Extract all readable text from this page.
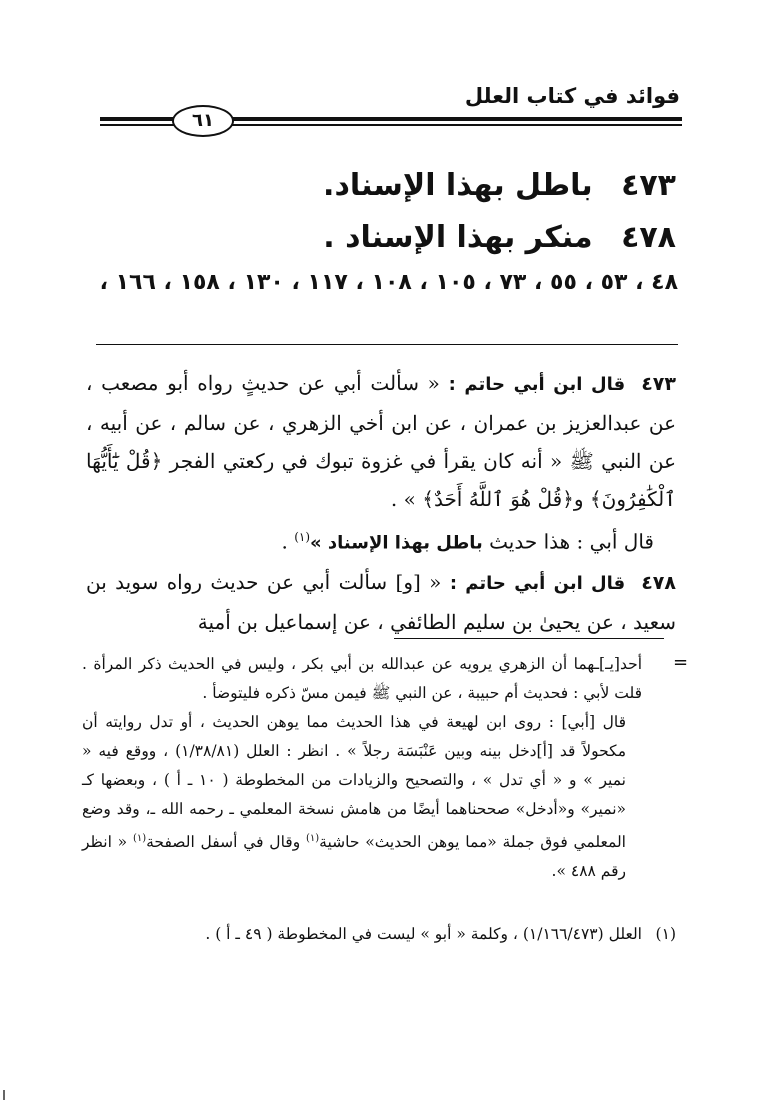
فوائد في كتاب العلل
٦١
٤٧٣ باطل بهذا الإسناد.
٤٧٨ منكر بهذا الإسناد .
٤٨ ، ٥٣ ، ٥٥ ، ٧٣ ، ١٠٥ ، ١٠٨ ، ١١٧ ، ١٣٠ ، ١٥٨ ، ١٦٦ ،

٤٧٣قال ابن أبي حاتم : « سألت أبي عن حديثٍ رواه أبو مصعب ، عن عبدالعزيز بن عمران ، عن ابن أخي الزهري ، عن سالم ، عن أبيه ، عن النبي ﷺ « أنه كان يقرأ في غزوة تبوك في ركعتي الفجر ﴿قُلْ يَٰٓأَيُّهَا ٱلْكَٰفِرُونَ﴾ و﴿قُلْ هُوَ ٱللَّهُ أَحَدٌ﴾ » .

قال أبي : هذا حديث باطل بهذا الإسناد »$^{(١)}$ .

٤٧٨قال ابن أبي حاتم : « [و] سألت أبي عن حديث رواه سويد بن سعيد ، عن يحيىٰ بن سليم الطائفي ، عن إسماعيل بن أمية

=

أحد[يـ]ـهما أن الزهري يرويه عن عبدالله بن أبي بكر ، وليس في الحديث ذكر المرأة . قلت لأبي : فحديث أم حبيبة ، عن النبي ﷺ فيمن مسّ ذكره فليتوضأ .

قال [أبي] : روى ابن لهيعة في هذا الحديث مما يوهن الحديث ، أو تدل روايته أن مكحولاً قد [أ]دخل بينه وبين عَنْبَسَة رجلاً » . انظر : العلل (١/٣٨/٨١) ، ووقع فيه « نمير » و « أي تدل » ، والتصحيح والزيادات من المخطوطة ( ١٠ ـ أ ) ، وبعضها كـ «نمير» و«أدخل» صححناهما أيضًا من هامش نسخة المعلمي ـ رحمه الله ـ، وقد وضع المعلمي فوق جملة «مما يوهن الحديث» حاشية$^{(١)}$ وقال في أسفل الصفحة$^{(١)}$ « انظر رقم ٤٨٨ ».

(١)
العلل (١/١٦٦/٤٧٣) ، وكلمة « أبو » ليست في المخطوطة ( ٤٩ ـ أ ) .
